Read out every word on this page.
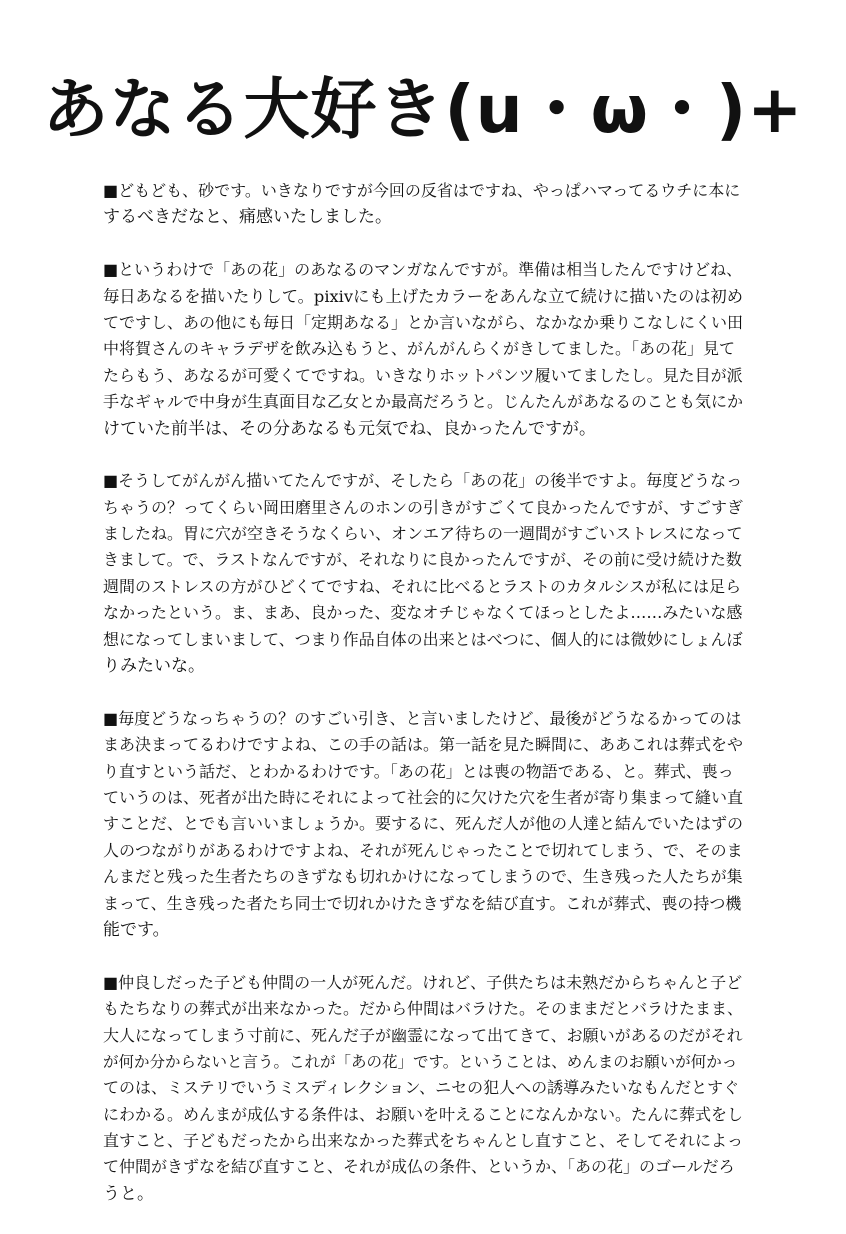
あなる大好き(u・ω・)+

■どもども、砂です。いきなりですが今回の反省はですね、やっぱハマってるウチに本に
するべきだなと、痛感いたしました。

■というわけで「あの花」のあなるのマンガなんですが。準備は相当したんですけどね、
毎日あなるを描いたりして。pixivにも上げたカラーをあんな立て続けに描いたのは初め
てですし、あの他にも毎日「定期あなる」とか言いながら、なかなか乗りこなしにくい田
中将賀さんのキャラデザを飲み込もうと、がんがんらくがきしてました。「あの花」見て
たらもう、あなるが可愛くてですね。いきなりホットパンツ履いてましたし。見た目が派
手なギャルで中身が生真面目な乙女とか最高だろうと。じんたんがあなるのことも気にか
けていた前半は、その分あなるも元気でね、良かったんですが。

■そうしてがんがん描いてたんですが、そしたら「あの花」の後半ですよ。毎度どうなっ
ちゃうの？ってくらい岡田磨里さんのホンの引きがすごくて良かったんですが、すごすぎ
ましたね。胃に穴が空きそうなくらい、オンエア待ちの一週間がすごいストレスになって
きまして。で、ラストなんですが、それなりに良かったんですが、その前に受け続けた数
週間のストレスの方がひどくてですね、それに比べるとラストのカタルシスが私には足ら
なかったという。ま、まあ、良かった、変なオチじゃなくてほっとしたよ……みたいな感
想になってしまいまして、つまり作品自体の出来とはべつに、個人的には微妙にしょんぼ
りみたいな。

■毎度どうなっちゃうの？のすごい引き、と言いましたけど、最後がどうなるかってのは
まあ決まってるわけですよね、この手の話は。第一話を見た瞬間に、ああこれは葬式をや
り直すという話だ、とわかるわけです。「あの花」とは喪の物語である、と。葬式、喪っ
ていうのは、死者が出た時にそれによって社会的に欠けた穴を生者が寄り集まって縫い直
すことだ、とでも言いいましょうか。要するに、死んだ人が他の人達と結んでいたはずの
人のつながりがあるわけですよね、それが死んじゃったことで切れてしまう、で、そのま
んまだと残った生者たちのきずなも切れかけになってしまうので、生き残った人たちが集
まって、生き残った者たち同士で切れかけたきずなを結び直す。これが葬式、喪の持つ機
能です。

■仲良しだった子ども仲間の一人が死んだ。けれど、子供たちは未熟だからちゃんと子ど
もたちなりの葬式が出来なかった。だから仲間はバラけた。そのままだとバラけたまま、
大人になってしまう寸前に、死んだ子が幽霊になって出てきて、お願いがあるのだがそれ
が何か分からないと言う。これが「あの花」です。ということは、めんまのお願いが何かっ
てのは、ミステリでいうミスディレクション、ニセの犯人への誘導みたいなもんだとすぐ
にわかる。めんまが成仏する条件は、お願いを叶えることになんかない。たんに葬式をし
直すこと、子どもだったから出来なかった葬式をちゃんとし直すこと、そしてそれによっ
て仲間がきずなを結び直すこと、それが成仏の条件、というか、「あの花」のゴールだろ
うと。
